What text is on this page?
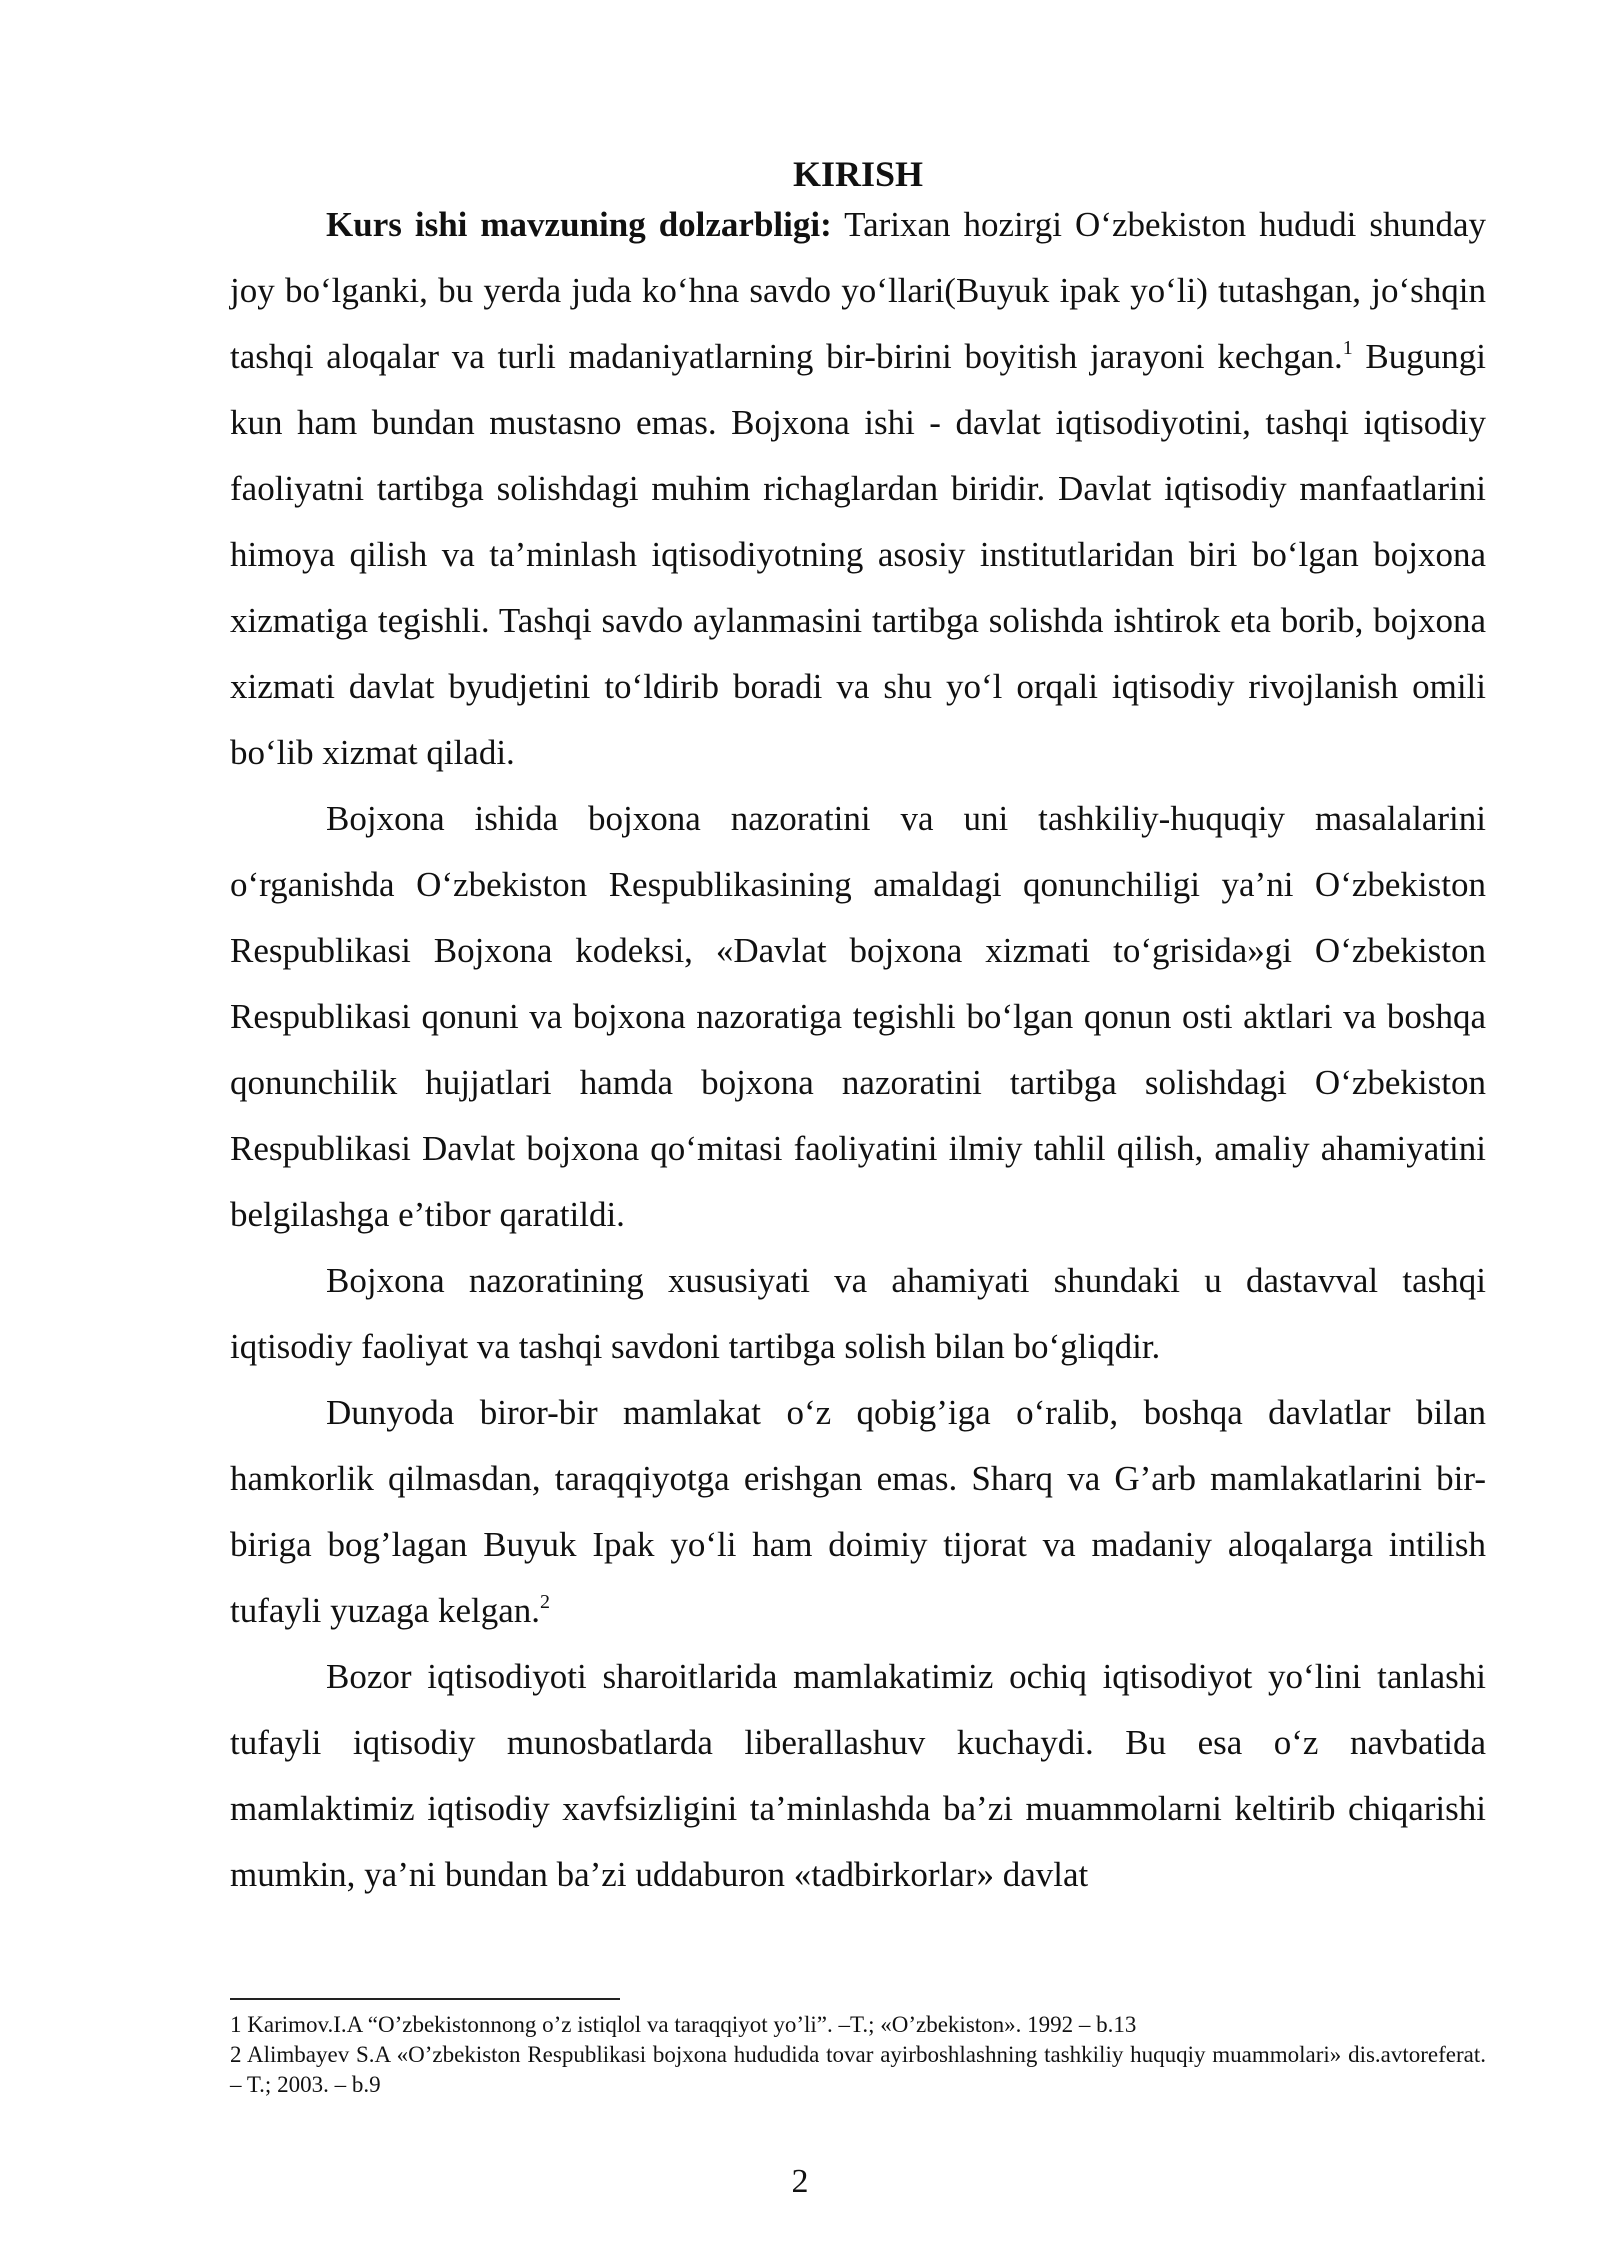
KIRISH

Kurs ishi mavzuning dolzarbligi: Tarixan hozirgi O‘zbekiston hududi shunday joy bo‘lganki, bu yerda juda ko‘hna savdo yo‘llari(Buyuk ipak yo‘li) tutashgan, jo‘shqin tashqi aloqalar va turli madaniyatlarning bir-birini boyitish jarayoni kechgan.$^1$ Bugungi kun ham bundan mustasno emas. Bojxona ishi - davlat iqtisodiyotini, tashqi iqtisodiy faoliyatni tartibga solishdagi muhim richaglardan biridir. Davlat iqtisodiy manfaatlarini himoya qilish va ta’minlash iqtisodiyotning asosiy institutlaridan biri bo‘lgan bojxona xizmatiga tegishli. Tashqi savdo aylanmasini tartibga solishda ishtirok eta borib, bojxona xizmati davlat byudjetini to‘ldirib boradi va shu yo‘l orqali iqtisodiy rivojlanish omili bo‘lib xizmat qiladi.

Bojxona ishida bojxona nazoratini va uni tashkiliy-huquqiy masalalarini o‘rganishda O‘zbekiston Respublikasining amaldagi qonunchiligi ya’ni O‘zbekiston Respublikasi Bojxona kodeksi, «Davlat bojxona xizmati to‘grisida»gi O‘zbekiston Respublikasi qonuni va bojxona nazoratiga tegishli bo‘lgan qonun osti aktlari va boshqa qonunchilik hujjatlari hamda bojxona nazoratini tartibga solishdagi O‘zbekiston Respublikasi Davlat bojxona qo‘mitasi faoliyatini ilmiy tahlil qilish, amaliy ahamiyatini belgilashga e’tibor qaratildi.

Bojxona nazoratining xususiyati va ahamiyati shundaki u dastavval tashqi iqtisodiy faoliyat va tashqi savdoni tartibga solish bilan bo‘gliqdir.

Dunyoda biror-bir mamlakat o‘z qobig’iga o‘ralib, boshqa davlatlar bilan hamkorlik qilmasdan, taraqqiyotga erishgan emas. Sharq va G’arb mamlakatlarini bir-biriga bog’lagan Buyuk Ipak yo‘li ham doimiy tijorat va madaniy aloqalarga intilish tufayli yuzaga kelgan.$^2$

Bozor iqtisodiyoti sharoitlarida mamlakatimiz ochiq iqtisodiyot yo‘lini tanlashi tufayli iqtisodiy munosbatlarda liberallashuv kuchaydi. Bu esa o‘z navbatida mamlaktimiz iqtisodiy xavfsizligini ta’minlashda ba’zi muammolarni keltirib chiqarishi mumkin, ya’ni bundan ba’zi uddaburon «tadbirkorlar» davlat

1 Karimov.I.A “O’zbekistonnong o’z istiqlol va taraqqiyot yo’li”. –T.; «O’zbekiston». 1992 – b.13

2 Alimbayev S.A «O’zbekiston Respublikasi bojxona hududida tovar ayirboshlashning tashkiliy huquqiy muammolari» dis.avtoreferat. – T.; 2003. – b.9

2
